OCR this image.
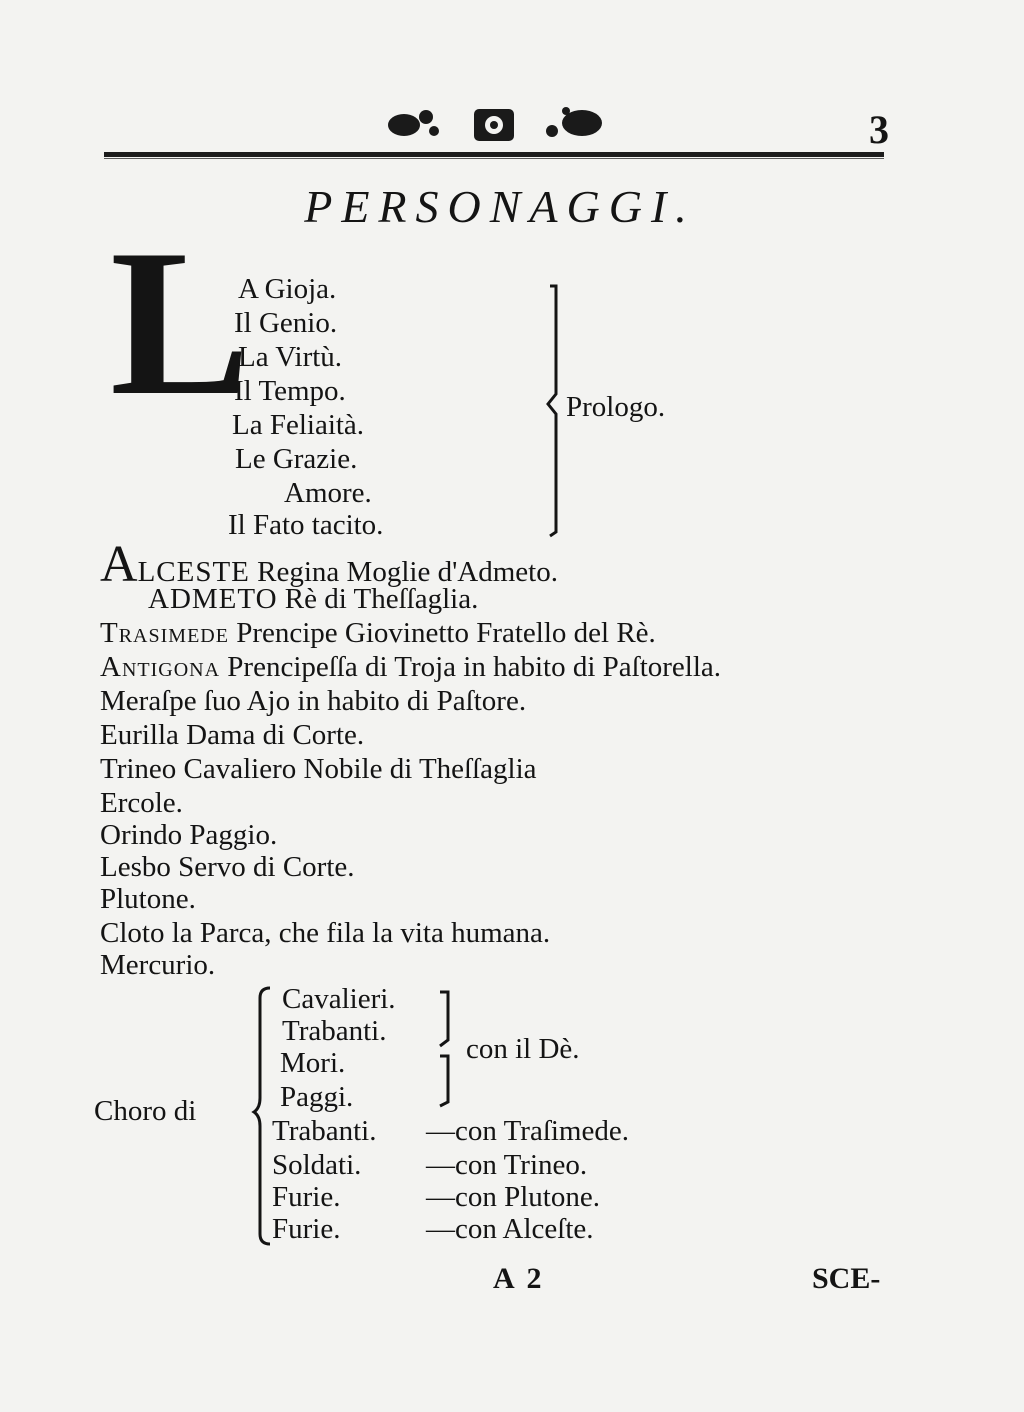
3
PERSONAGGI.
L
A Gioja.
Il Genio.
La Virtù.
Il Tempo.
La Feliaità.
Le Grazie.
Amore.
Il Fato tacito.
Prologo.
ALCESTE Regina Moglie d'Admeto.
ADMETO Rè di Theſſaglia.
Trasimede Prencipe Giovinetto Fratello del Rè.
Antigona Prencipeſſa di Troja in habito di Paſtorella.
Meraſpe ſuo Ajo in habito di Paſtore.
Eurilla Dama di Corte.
Trineo Cavaliero Nobile di Theſſaglia
Ercole.
Orindo Paggio.
Lesbo Servo di Corte.
Plutone.
Cloto la Parca, che fila la vita humana.
Mercurio.
Choro di
Cavalieri.
Trabanti.
Mori.
Paggi.
con il Dè.
Trabanti. —con Traſimede.
Soldati. —con Trineo.
Furie.	—con Plutone.
Furie.	—con Alceſte.
A 2	SCE-
